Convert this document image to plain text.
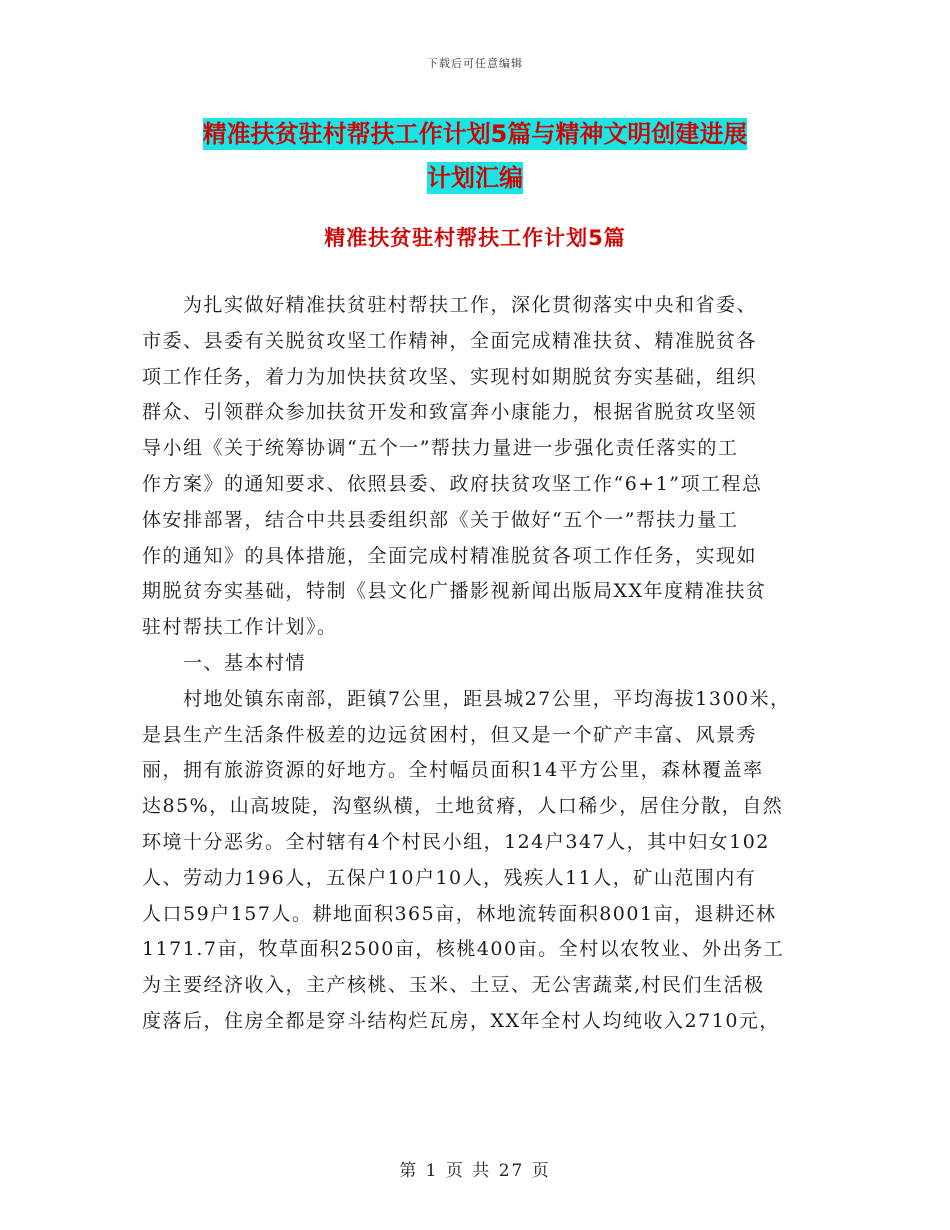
下载后可任意编辑
精准扶贫驻村帮扶工作计划5篇与精神文明创建进展
计划汇编
精准扶贫驻村帮扶工作计划5篇
　　为扎实做好精准扶贫驻村帮扶工作，深化贯彻落实中央和省委、
市委、县委有关脱贫攻坚工作精神，全面完成精准扶贫、精准脱贫各
项工作任务，着力为加快扶贫攻坚、实现村如期脱贫夯实基础，组织
群众、引领群众参加扶贫开发和致富奔小康能力，根据省脱贫攻坚领
导小组《关于统筹协调“五个一”帮扶力量进一步强化责任落实的工
作方案》的通知要求、依照县委、政府扶贫攻坚工作“6+1”项工程总
体安排部署，结合中共县委组织部《关于做好“五个一”帮扶力量工
作的通知》的具体措施，全面完成村精准脱贫各项工作任务，实现如
期脱贫夯实基础，特制《县文化广播影视新闻出版局XX年度精准扶贫
驻村帮扶工作计划》。
　　一、基本村情
　　村地处镇东南部，距镇7公里，距县城27公里，平均海拔1300米，
是县生产生活条件极差的边远贫困村，但又是一个矿产丰富、风景秀
丽，拥有旅游资源的好地方。全村幅员面积14平方公里，森林覆盖率
达85%，山高坡陡，沟壑纵横，土地贫瘠，人口稀少，居住分散，自然
环境十分恶劣。全村辖有4个村民小组，124户347人，其中妇女102
人、劳动力196人，五保户10户10人，残疾人11人，矿山范围内有
人口59户157人。耕地面积365亩，林地流转面积8001亩，退耕还林
1171.7亩，牧草面积2500亩，核桃400亩。全村以农牧业、外出务工
为主要经济收入，主产核桃、玉米、土豆、无公害蔬菜,村民们生活极
度落后，住房全都是穿斗结构烂瓦房，XX年全村人均纯收入2710元，
第 1 页 共 27 页
